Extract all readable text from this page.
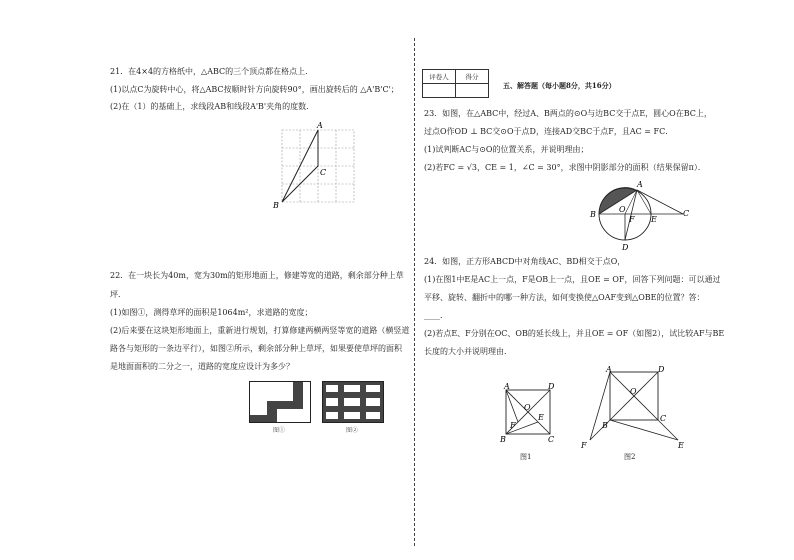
21．在4×4的方格纸中，△ABC的三个顶点都在格点上．
(1)以点C为旋转中心，将△ABC按顺时针方向旋转90°，画出旋转后的 △A'B'C'；
(2)在（1）的基础上，求线段AB和线段A'B'夹角的度数．
A
B
C
22．在一块长为40m，宽为30m的矩形地面上，修建等宽的道路，剩余部分种上草
坪．
(1)如图①，测得草坪的面积是1064m²，求道路的宽度；
(2)后来要在这块矩形地面上，重新进行规划，打算修建两横两竖等宽的道路（横竖道
路各与矩形的一条边平行），如图②所示，剩余部分种上草坪，如果要使草坪的面积
是地面面积的二分之一，道路的宽度应设计为多少？
图①	图②
评卷人	得分

五、解答题（每小题8分，共16分）
23．如图，在△ABC中，经过A、B两点的⊙O与边BC交于点E，圆心O在BC上，
过点O作OD ⊥ BC交⊙O于点D，连接AD交BC于点F，且AC = FC．
(1)试判断AC与⊙O的位置关系，并说明理由；
(2)若FC = √3，CE = 1，∠C = 30°，求图中阴影部分的面积（结果保留π）．
A
B
O
F E
C
D
24．如图，正方形ABCD中对角线AC、BD相交于点O，
(1)在图1中E是AC上一点，F是OB上一点，且OE = OF，回答下列问题：可以通过
平移、旋转、翻折中的哪一种方法，如何变换使△OAF变到△OBE的位置？答：
____．
(2)若点E、F分别在OC、OB的延长线上，并且OE = OF（如图2），试比较AF与BE
长度的大小并说明理由．
A	D
B	C
O
E
F
图1
A	D
B
C
O
E
F
图2
